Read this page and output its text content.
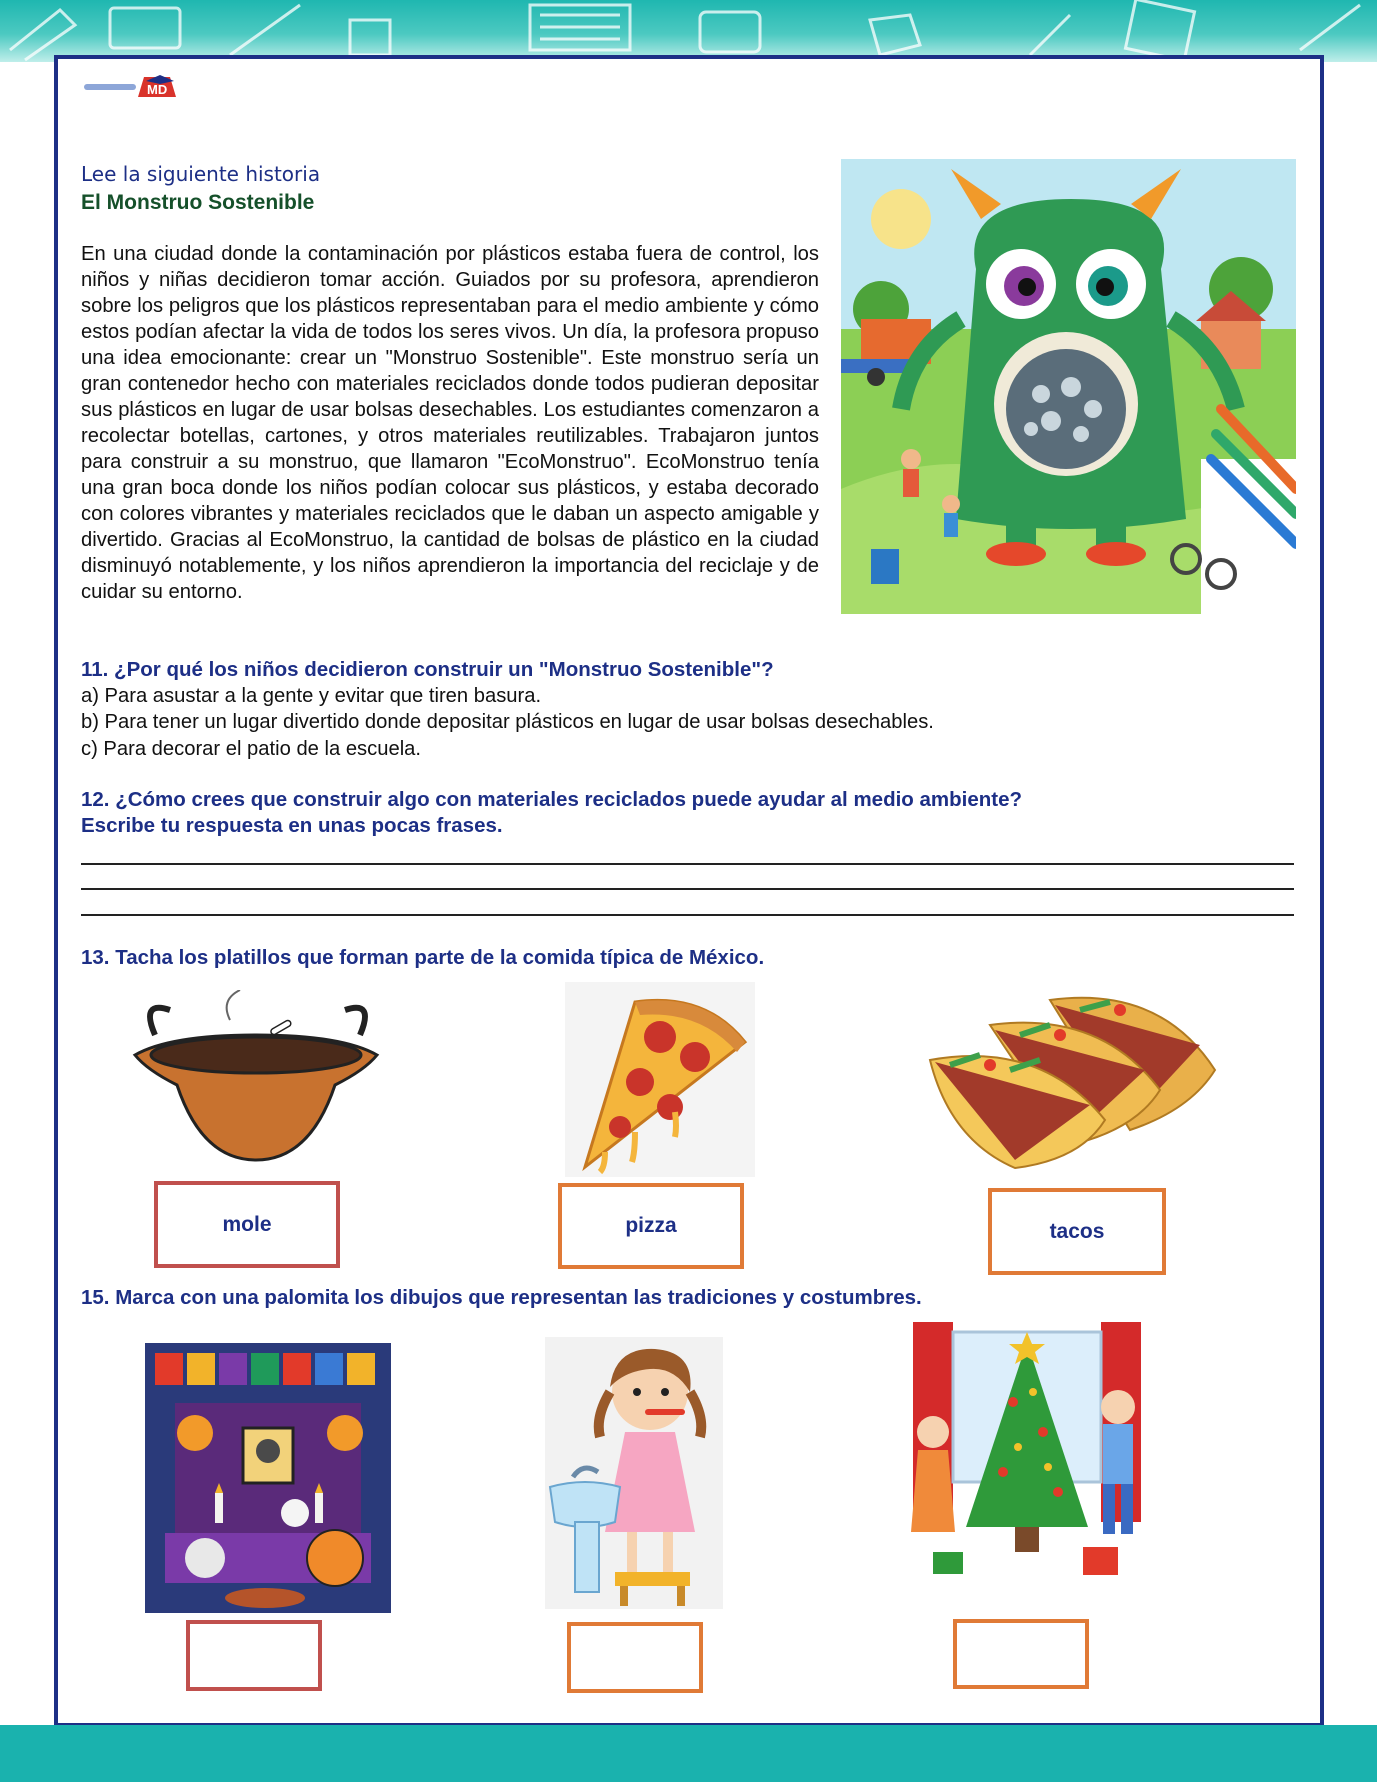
MD
Lee la siguiente historia
El Monstruo Sostenible

En una ciudad donde la contaminación por plásticos estaba fuera de control, los niños y niñas decidieron tomar acción. Guiados por su profesora, aprendieron sobre los peligros que los plásticos representaban para el medio ambiente y cómo estos podían afectar la vida de todos los seres vivos. Un día, la profesora propuso una idea emocionante: crear un "Monstruo Sostenible". Este monstruo sería un gran contenedor hecho con materiales reciclados donde todos pudieran depositar sus plásticos en lugar de usar bolsas desechables. Los estudiantes comenzaron a recolectar botellas, cartones, y otros materiales reutilizables. Trabajaron juntos para construir a su monstruo, que llamaron "EcoMonstruo". EcoMonstruo tenía una gran boca donde los niños podían colocar sus plásticos, y estaba decorado con colores vibrantes y materiales reciclados que le daban un aspecto amigable y divertido. Gracias al EcoMonstruo, la cantidad de bolsas de plástico en la ciudad disminuyó notablemente, y los niños aprendieron la importancia del reciclaje y de cuidar su entorno.

11. ¿Por qué los niños decidieron construir un "Monstruo Sostenible"?
a) Para asustar a la gente y evitar que tiren basura.
b) Para tener un lugar divertido donde depositar plásticos en lugar de usar bolsas desechables.
c) Para decorar el patio de la escuela.
12. ¿Cómo crees que construir algo con materiales reciclados puede ayudar al medio ambiente?
Escribe tu respuesta en unas pocas frases.
13. Tacha los platillos que forman parte de la comida típica de México.
mole	pizza	tacos
15. Marca con una palomita los dibujos que representan las tradiciones y costumbres.
